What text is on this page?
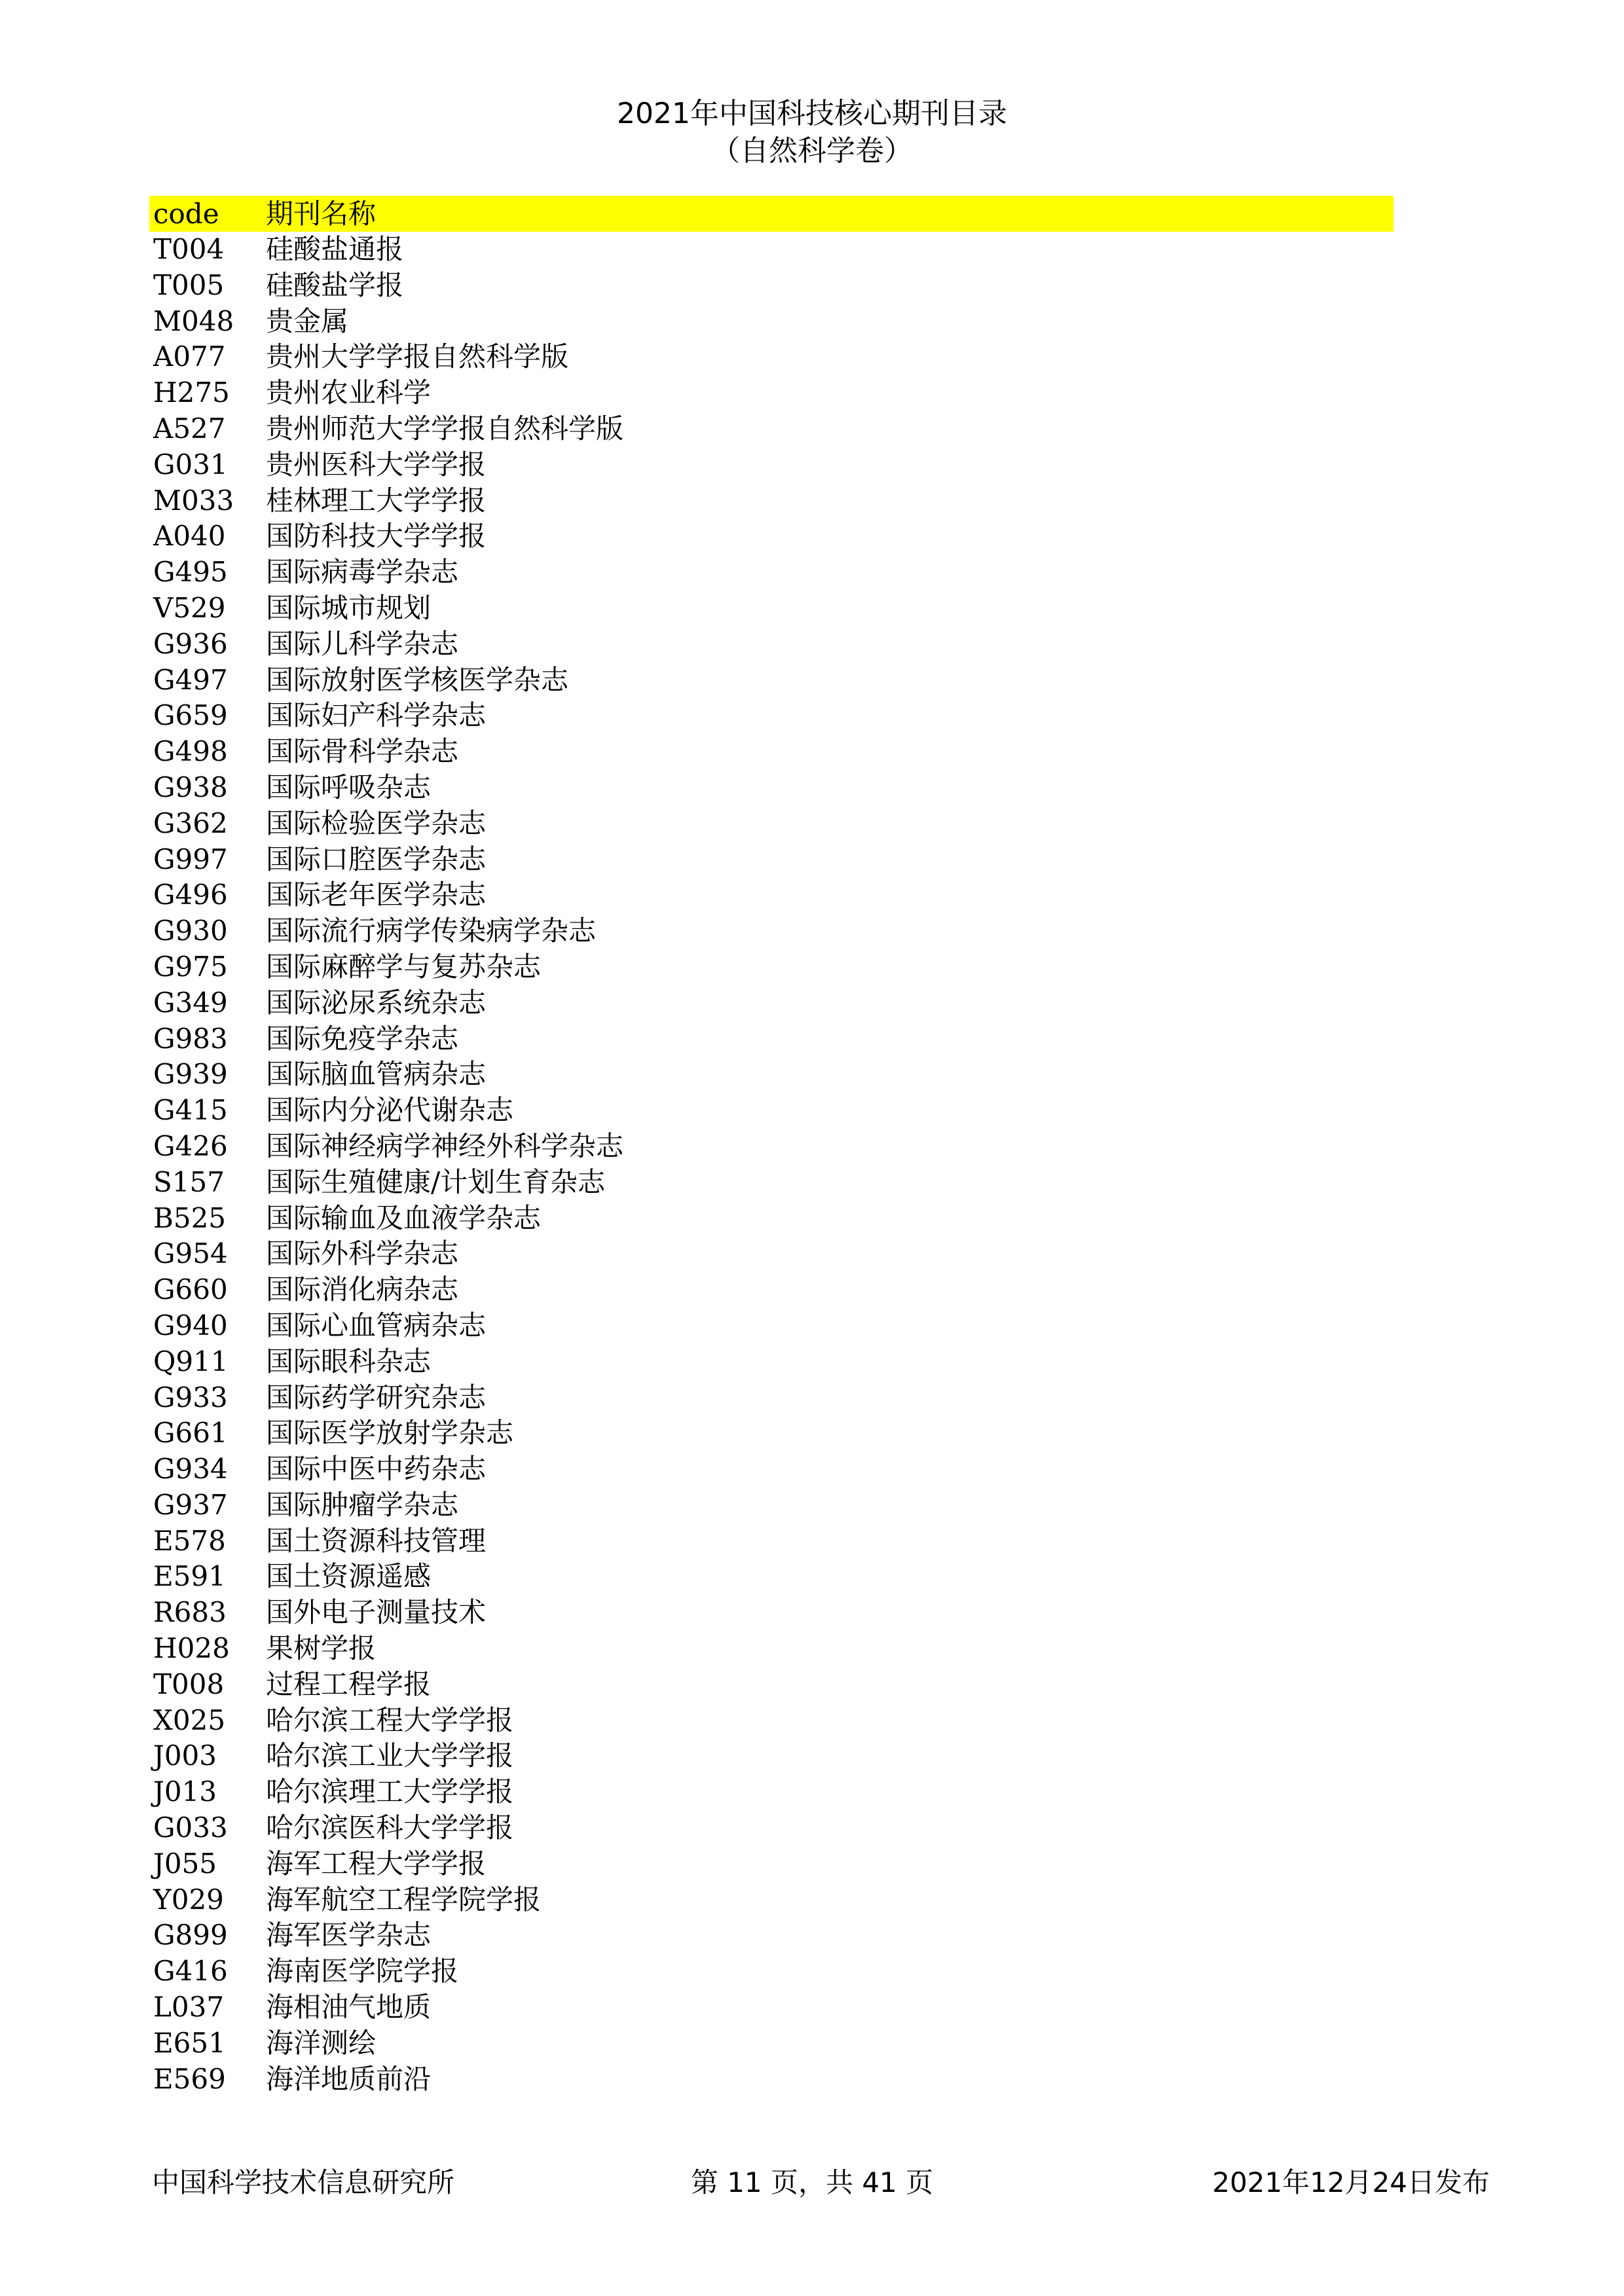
2021年中国科技核心期刊目录
（自然科学卷）
code 期刊名称
T004 硅酸盐通报
T005 硅酸盐学报
M048 贵金属
A077 贵州大学学报自然科学版
H275 贵州农业科学
A527 贵州师范大学学报自然科学版
G031 贵州医科大学学报
M033 桂林理工大学学报
A040 国防科技大学学报
G495 国际病毒学杂志
V529 国际城市规划
G936 国际儿科学杂志
G497 国际放射医学核医学杂志
G659 国际妇产科学杂志
G498 国际骨科学杂志
G938 国际呼吸杂志
G362 国际检验医学杂志
G997 国际口腔医学杂志
G496 国际老年医学杂志
G930 国际流行病学传染病学杂志
G975 国际麻醉学与复苏杂志
G349 国际泌尿系统杂志
G983 国际免疫学杂志
G939 国际脑血管病杂志
G415 国际内分泌代谢杂志
G426 国际神经病学神经外科学杂志
S157 国际生殖健康/计划生育杂志
B525 国际输血及血液学杂志
G954 国际外科学杂志
G660 国际消化病杂志
G940 国际心血管病杂志
Q911 国际眼科杂志
G933 国际药学研究杂志
G661 国际医学放射学杂志
G934 国际中医中药杂志
G937 国际肿瘤学杂志
E578 国土资源科技管理
E591 国土资源遥感
R683 国外电子测量技术
H028 果树学报
T008 过程工程学报
X025 哈尔滨工程大学学报
J003 哈尔滨工业大学学报
J013 哈尔滨理工大学学报
G033 哈尔滨医科大学学报
J055 海军工程大学学报
Y029 海军航空工程学院学报
G899 海军医学杂志
G416 海南医学院学报
L037 海相油气地质
E651 海洋测绘
E569 海洋地质前沿
中国科学技术信息研究所	第 11 页，共 41 页	2021年12月24日发布
